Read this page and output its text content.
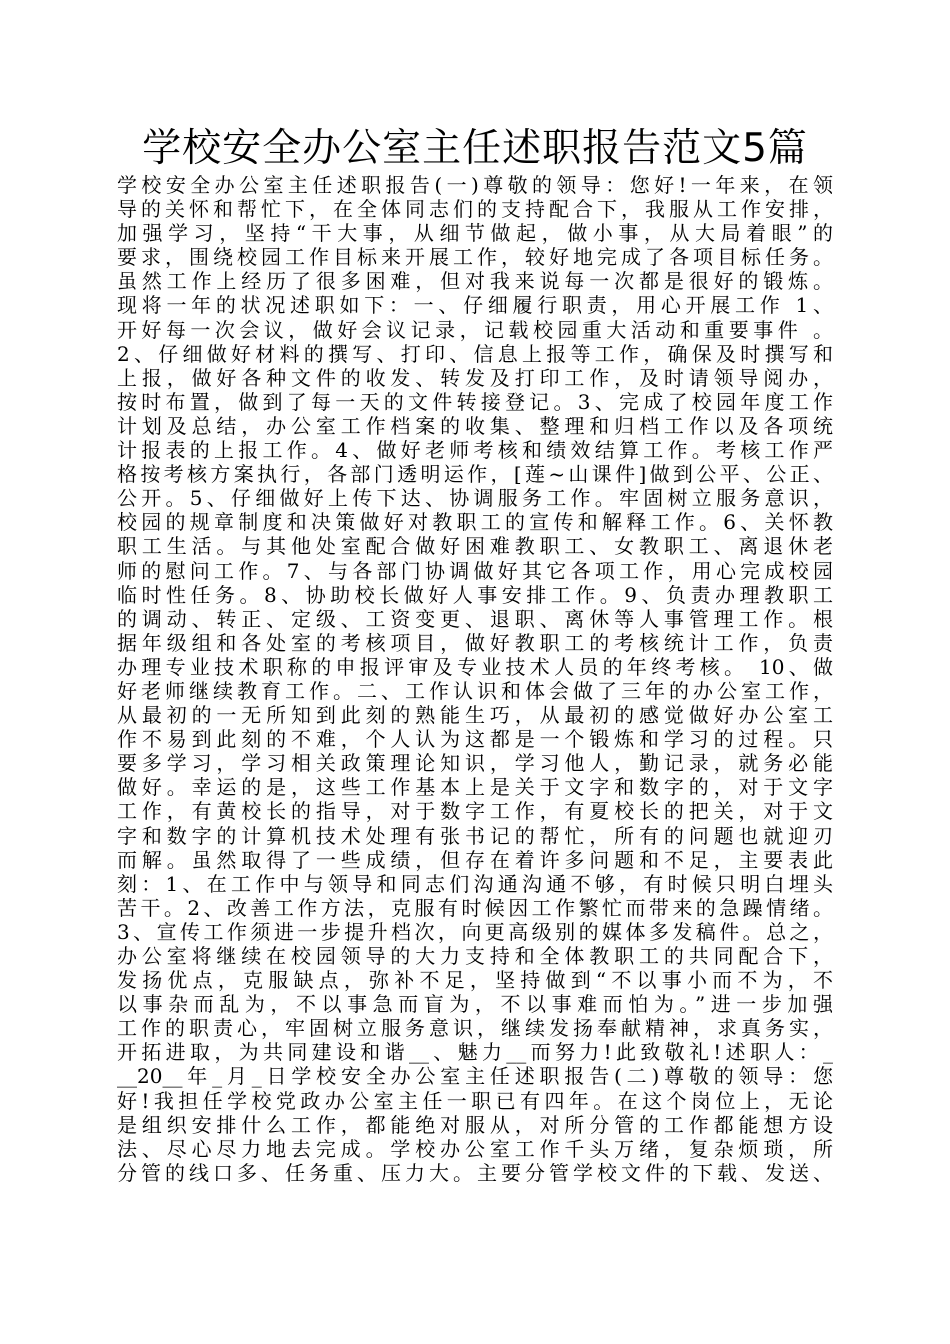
学校安全办公室主任述职报告范文5篇
学校安全办公室主任述职报告(一)尊敬的领导：您好!一年来，在领
导的关怀和帮忙下，在全体同志们的支持配合下，我服从工作安排，
加强学习，坚持“干大事，从细节做起，做小事，从大局着眼”的
要求，围绕校园工作目标来开展工作，较好地完成了各项目标任务。
虽然工作上经历了很多困难，但对我来说每一次都是很好的锻炼。
现将一年的状况述职如下：一、仔细履行职责，用心开展工作 1、
开好每一次会议，做好会议记录，记载校园重大活动和重要事件 。
2、仔细做好材料的撰写、打印、信息上报等工作，确保及时撰写和
上报，做好各种文件的收发、转发及打印工作，及时请领导阅办，
按时布置，做到了每一天的文件转接登记。3、完成了校园年度工作
计划及总结，办公室工作档案的收集、整理和归档工作以及各项统
计报表的上报工作。4、做好老师考核和绩效结算工作。考核工作严
格按考核方案执行，各部门透明运作，[莲~山课件]做到公平、公正、
公开。5、仔细做好上传下达、协调服务工作。牢固树立服务意识，
校园的规章制度和决策做好对教职工的宣传和解释工作。6、关怀教
职工生活。与其他处室配合做好困难教职工、女教职工、离退休老
师的慰问工作。7、与各部门协调做好其它各项工作，用心完成校园
临时性任务。8、协助校长做好人事安排工作。9、负责办理教职工
的调动、转正、定级、工资变更、退职、离休等人事管理工作。根
据年级组和各处室的考核项目，做好教职工的考核统计工作，负责
办理专业技术职称的申报评审及专业技术人员的年终考核。 10、做
好老师继续教育工作。二、工作认识和体会做了三年的办公室工作，
从最初的一无所知到此刻的熟能生巧，从最初的感觉做好办公室工
作不易到此刻的不难，个人认为这都是一个锻炼和学习的过程。只
要多学习，学习相关政策理论知识，学习他人，勤记录，就务必能
做好。幸运的是，这些工作基本上是关于文字和数字的，对于文字
工作，有黄校长的指导，对于数字工作，有夏校长的把关，对于文
字和数字的计算机技术处理有张书记的帮忙，所有的问题也就迎刃
而解。虽然取得了一些成绩，但存在着许多问题和不足，主要表此
刻：1、在工作中与领导和同志们沟通沟通不够，有时候只明白埋头
苦干。2、改善工作方法，克服有时候因工作繁忙而带来的急躁情绪。
3、宣传工作须进一步提升档次，向更高级别的媒体多发稿件。总之，
办公室将继续在校园领导的大力支持和全体教职工的共同配合下，
发扬优点，克服缺点，弥补不足，坚持做到“不以事小而不为，不
以事杂而乱为，不以事急而盲为，不以事难而怕为。”进一步加强
工作的职责心，牢固树立服务意识，继续发扬奉献精神，求真务实，
开拓进取，为共同建设和谐__、魅力__而努力!此致敬礼!述职人：_
__20__年_月_日学校安全办公室主任述职报告(二)尊敬的领导：您
好!我担任学校党政办公室主任一职已有四年。在这个岗位上，无论
是组织安排什么工作，都能绝对服从，对所分管的工作都能想方设
法、尽心尽力地去完成。学校办公室工作千头万绪，复杂烦琐，所
分管的线口多、任务重、压力大。主要分管学校文件的下载、发送、
